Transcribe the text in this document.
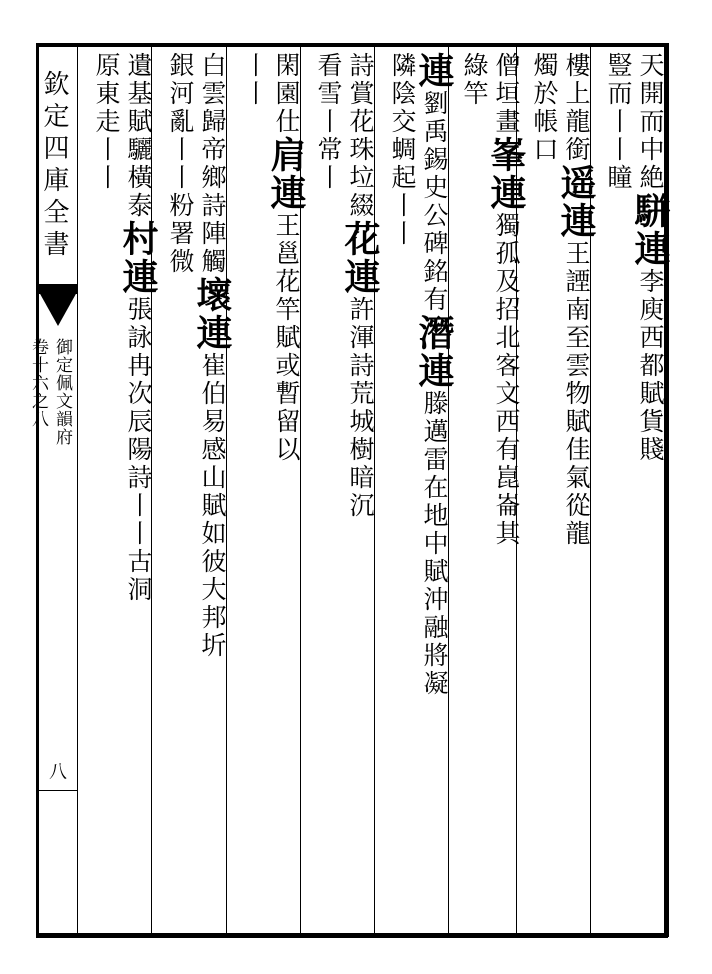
欽定四庫全書
御定佩文韻府
卷十六之八
八
天開而中絶駢連李庾西都賦貨賤
豎而丨丨瞳
樓上龍銜遥連王諲南至雲物賦佳氣從龍
燭於帳口
僧垣畫峯連獨孤及招北客文西有崑崙其
綠竿
連劉禹錫史公碑銘有潛連滕邁雷在地中賦沖融將凝
隣陰交蜩起丨丨
詩賞花珠垃綴花連許渾詩荒城樹暗沉
看雪丨常丨
閑園仕肩連王邕花竿賦或暫留以
丨丨
白雲歸帝鄉詩陣觸壞連崔伯易感山賦如彼大邦圻
銀河亂丨丨粉署微
遺基賦驪橫泰村連張詠冉次辰陽詩丨丨古洞
原東走丨丨
